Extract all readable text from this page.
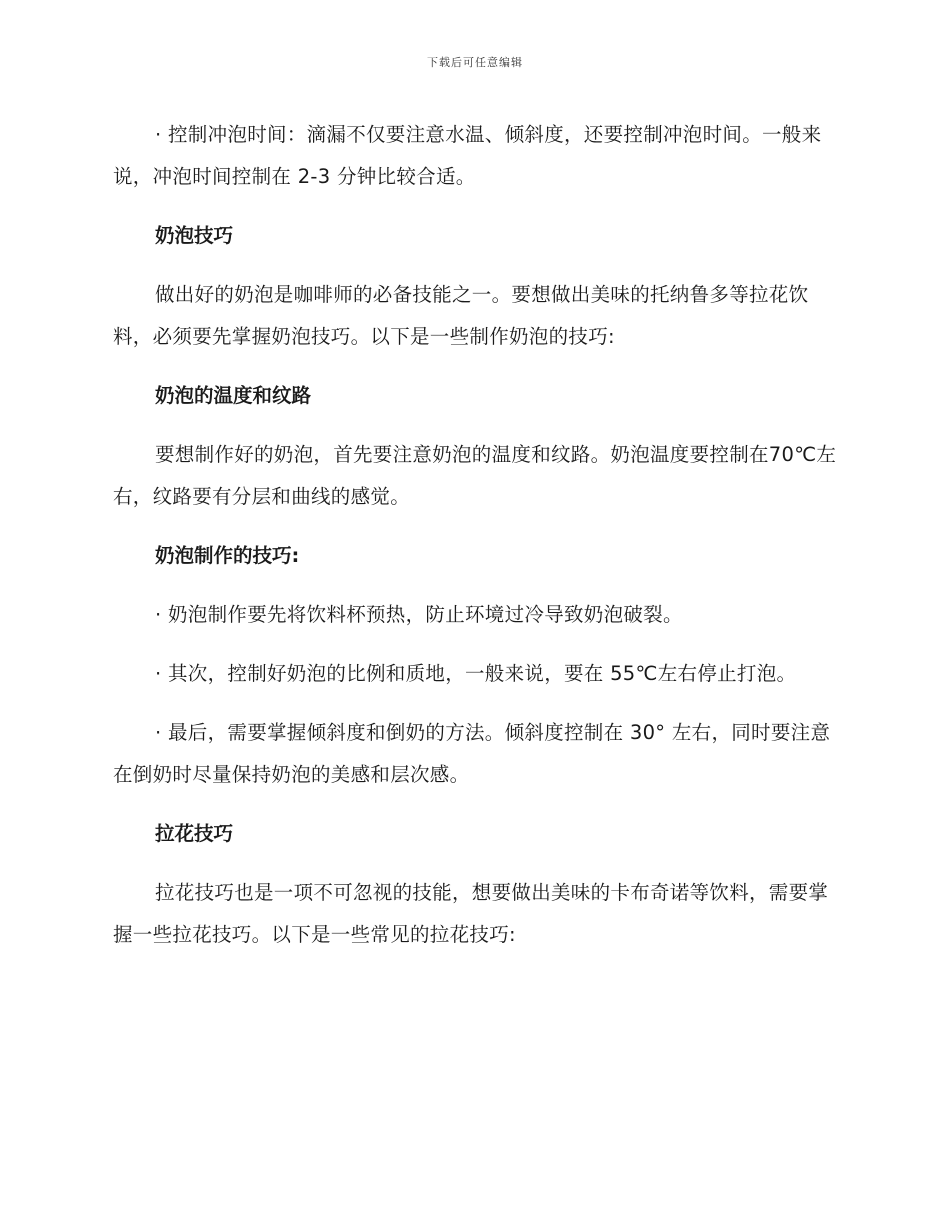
下载后可任意编辑

· 控制冲泡时间：滴漏不仅要注意水温、倾斜度，还要控制冲泡时间。一般来说，冲泡时间控制在 2-3 分钟比较合适。

奶泡技巧

做出好的奶泡是咖啡师的必备技能之一。要想做出美味的托纳鲁多等拉花饮料，必须要先掌握奶泡技巧。以下是一些制作奶泡的技巧:

奶泡的温度和纹路

要想制作好的奶泡，首先要注意奶泡的温度和纹路。奶泡温度要控制在70℃左右，纹路要有分层和曲线的感觉。

奶泡制作的技巧:

· 奶泡制作要先将饮料杯预热，防止环境过冷导致奶泡破裂。

· 其次，控制好奶泡的比例和质地，一般来说，要在 55℃左右停止打泡。

· 最后，需要掌握倾斜度和倒奶的方法。倾斜度控制在 30° 左右，同时要注意在倒奶时尽量保持奶泡的美感和层次感。

拉花技巧

拉花技巧也是一项不可忽视的技能，想要做出美味的卡布奇诺等饮料，需要掌握一些拉花技巧。以下是一些常见的拉花技巧:
